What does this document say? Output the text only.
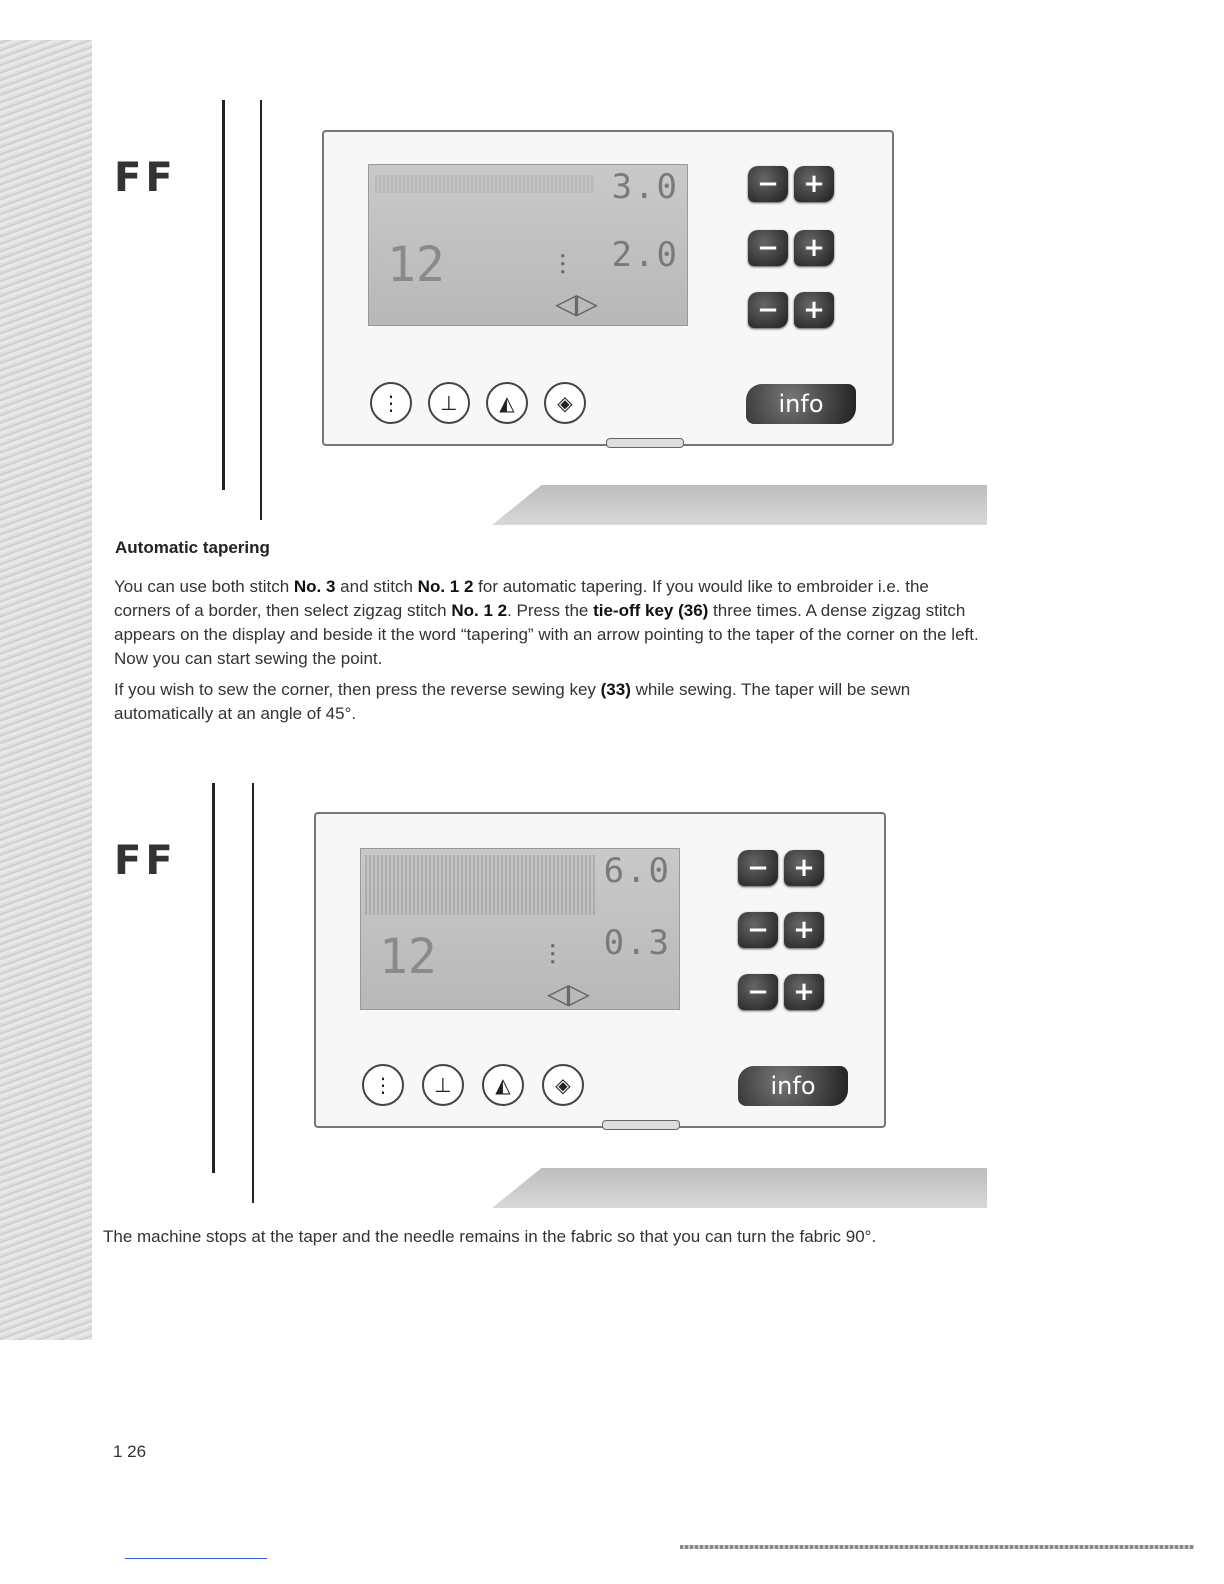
FF	3.0
12	⫶ 2.0
◁▷
− +
− +
− +
⋮	⊥	◭	◈	info
Automatic tapering

You can use both stitch No. 3 and stitch No. 1 2 for automatic tapering. If you would like to embroider i.e. the corners of a border, then select zigzag stitch No. 1 2. Press the tie-off key (36) three times. A dense zigzag stitch appears on the display and beside it the word “tapering” with an arrow pointing to the taper of the corner on the left. Now you can start sewing the point.

If you wish to sew the corner, then press the reverse sewing key (33) while sewing. The taper will be sewn automatically at an angle of 45°.

FF	6.0
12	⫶ 0.3
◁▷
− +
− +
− +
⋮	⊥	◭	◈	info

The machine stops at the taper and the needle remains in the fabric so that you can turn the fabric 90°.

1 26
